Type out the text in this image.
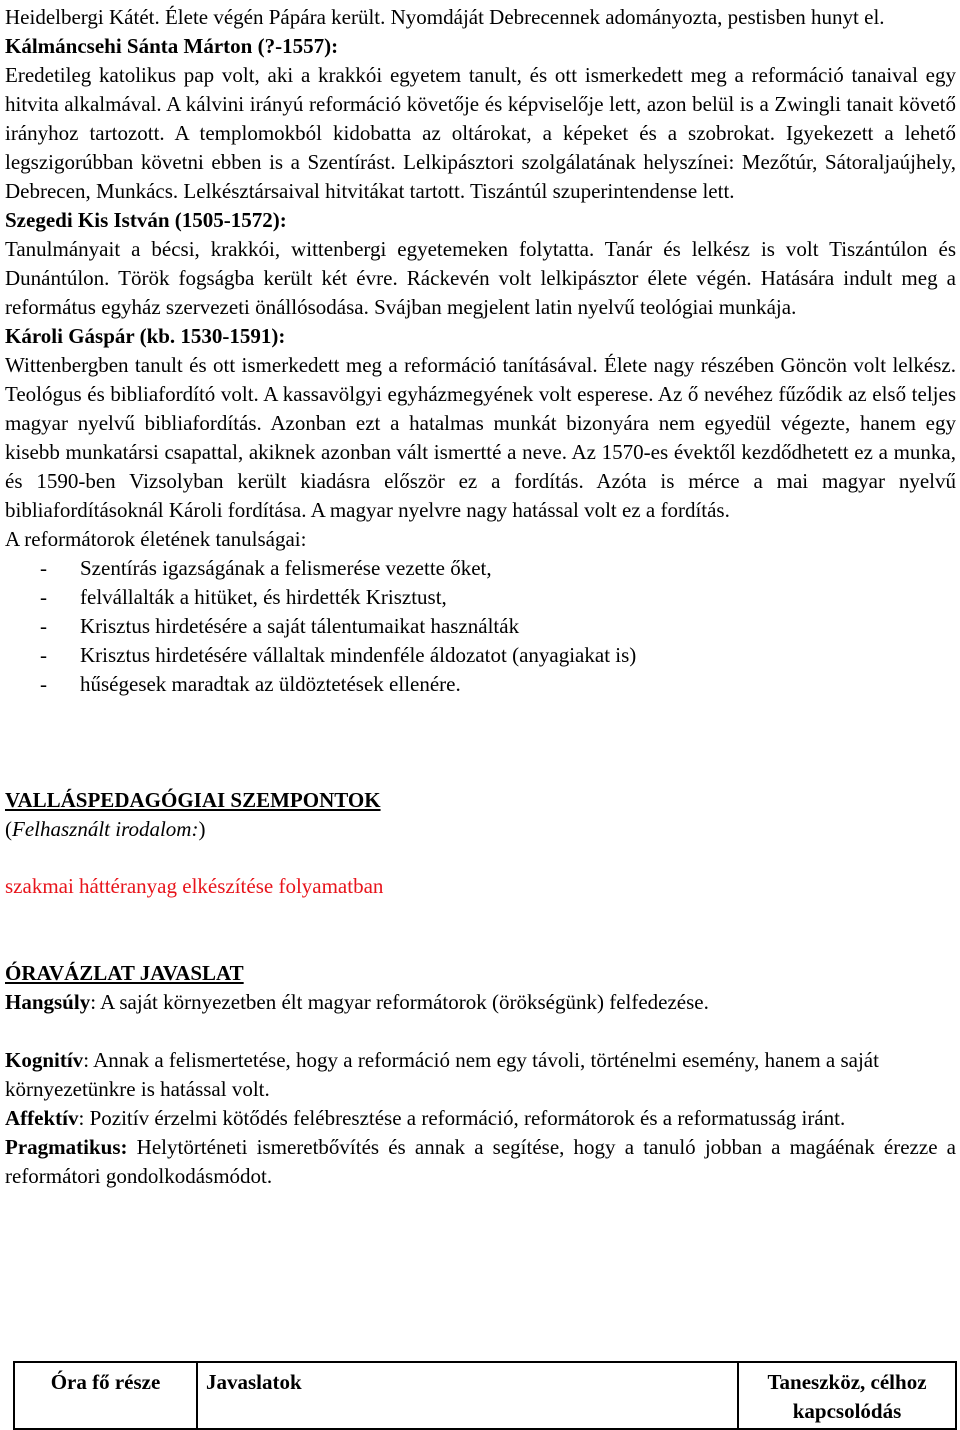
Heidelbergi Kátét. Élete végén Pápára került. Nyomdáját Debrecennek adományozta, pestisben hunyt el.

Kálmáncsehi Sánta Márton (?-1557):

Eredetileg katolikus pap volt, aki a krakkói egyetem tanult, és ott ismerkedett meg a reformáció tanaival egy hitvita alkalmával. A kálvini irányú reformáció követője és képviselője lett, azon belül is a Zwingli tanait követő irányhoz tartozott. A templomokból kidobatta az oltárokat, a képeket és a szobrokat. Igyekezett a lehető legszigorúbban követni ebben is a Szentírást. Lelkipásztori szolgálatának helyszínei: Mezőtúr, Sátoraljaújhely, Debrecen, Munkács. Lelkésztársaival hitvitákat tartott. Tiszántúl szuperintendense lett.

Szegedi Kis István (1505-1572):

Tanulmányait a bécsi, krakkói, wittenbergi egyetemeken folytatta. Tanár és lelkész is volt Tiszántúlon és Dunántúlon. Török fogságba került két évre. Ráckevén volt lelkipásztor élete végén. Hatására indult meg a református egyház szervezeti önállósodása. Svájban megjelent latin nyelvű teológiai munkája.

Károli Gáspár (kb. 1530-1591):

Wittenbergben tanult és ott ismerkedett meg a reformáció tanításával. Élete nagy részében Göncön volt lelkész. Teológus és bibliafordító volt. A kassavölgyi egyházmegyének volt esperese. Az ő nevéhez fűződik az első teljes magyar nyelvű bibliafordítás. Azonban ezt a hatalmas munkát bizonyára nem egyedül végezte, hanem egy kisebb munkatársi csapattal, akiknek azonban vált ismertté a neve. Az 1570-es évektől kezdődhetett ez a munka, és 1590-ben Vizsolyban került kiadásra először ez a fordítás. Azóta is mérce a mai magyar nyelvű bibliafordításoknál Károli fordítása. A magyar nyelvre nagy hatással volt ez a fordítás.

A reformátorok életének tanulságai:

- Szentírás igazságának a felismerése vezette őket,
- felvállalták a hitüket, és hirdették Krisztust,
- Krisztus hirdetésére a saját tálentumaikat használták
- Krisztus hirdetésére vállaltak mindenféle áldozatot (anyagiakat is)
- hűségesek maradtak az üldöztetések ellenére.

VALLÁSPEDAGÓGIAI SZEMPONTOK

(Felhasznált irodalom:)

szakmai háttéranyag elkészítése folyamatban

ÓRAVÁZLAT JAVASLAT

Hangsúly: A saját környezetben élt magyar reformátorok (örökségünk) felfedezése.

Kognitív: Annak a felismertetése, hogy a reformáció nem egy távoli, történelmi esemény, hanem a saját környezetünkre is hatással volt.

Affektív: Pozitív érzelmi kötődés felébresztése a reformáció, reformátorok és a reformatusság iránt.

Pragmatikus: Helytörténeti ismeretbővítés és annak a segítése, hogy a tanuló jobban a magáénak érezze a reformátori gondolkodásmódot.

Óra fő része	Javaslatok	Taneszköz, célhoz kapcsolódás
